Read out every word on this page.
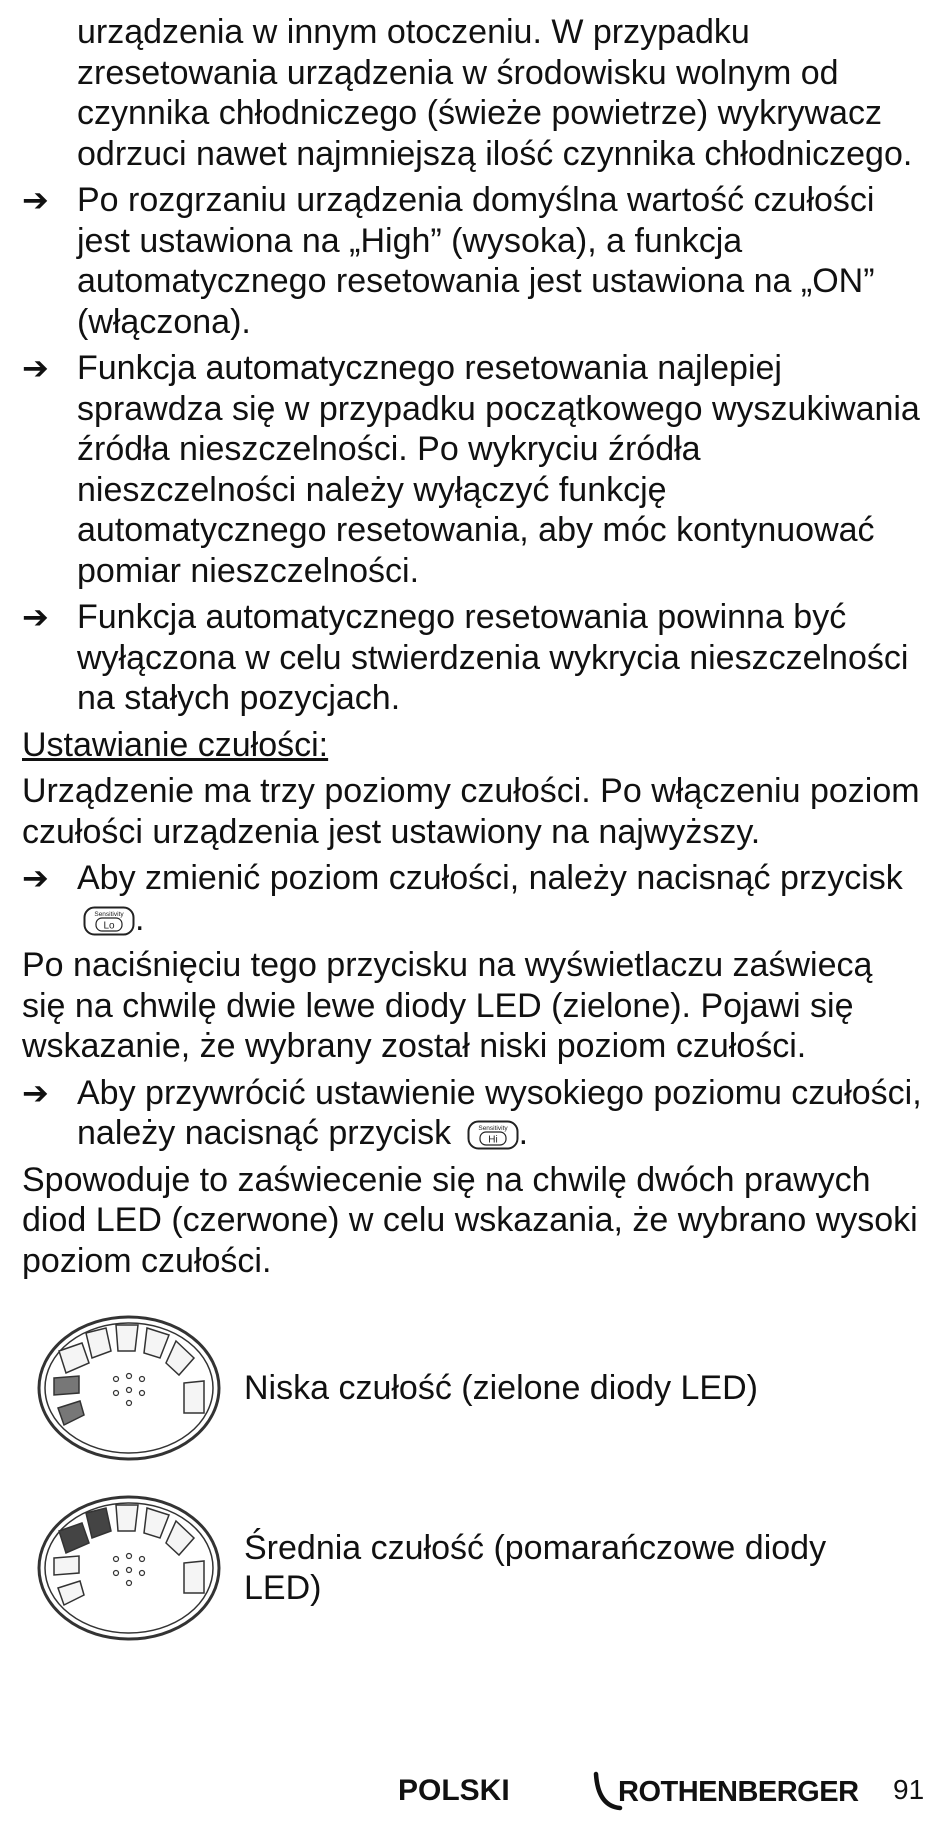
urządzenia w innym otoczeniu. W przypadku zresetowania urządzenia w środowisku wolnym od czynnika chłodniczego (świeże powietrze) wykrywacz odrzuci nawet najmniejszą ilość czynnika chłodniczego.

➔ Po rozgrzaniu urządzenia domyślna wartość czułości jest ustawiona na „High” (wysoka), a funkcja automatycznego resetowania jest ustawiona na „ON” (włączona).
➔ Funkcja automatycznego resetowania najlepiej sprawdza się w przypadku początkowego wyszukiwania źródła nieszczelności. Po wykryciu źródła nieszczelności należy wyłączyć funkcję automatycznego resetowania, aby móc kontynuować pomiar nieszczelności.
➔ Funkcja automatycznego resetowania powinna być wyłączona w celu stwierdzenia wykrycia nieszczelności na stałych pozycjach.

Ustawianie czułości:

Urządzenie ma trzy poziomy czułości. Po włączeniu poziom czułości urządzenia jest ustawiony na najwyższy.

➔ Aby zmienić poziom czułości, należy nacisnąć przycisk
Sensitivity
Lo .

Po naciśnięciu tego przycisku na wyświetlaczu zaświecą się na chwilę dwie lewe diody LED (zielone). Pojawi się wskazanie, że wybrany został niski poziom czułości.

➔ Aby przywrócić ustawienie wysokiego poziomu czułości, należy nacisnąć przycisk	Sensitivity
Hi .

Spowoduje to zaświecenie się na chwilę dwóch prawych diod LED (czerwone) w celu wskazania, że wybrano wysoki poziom czułości.

Niska czułość (zielone diody LED)
Średnia czułość (pomarańczowe diody LED)
POLSKI	ROTHENBERGER 91
